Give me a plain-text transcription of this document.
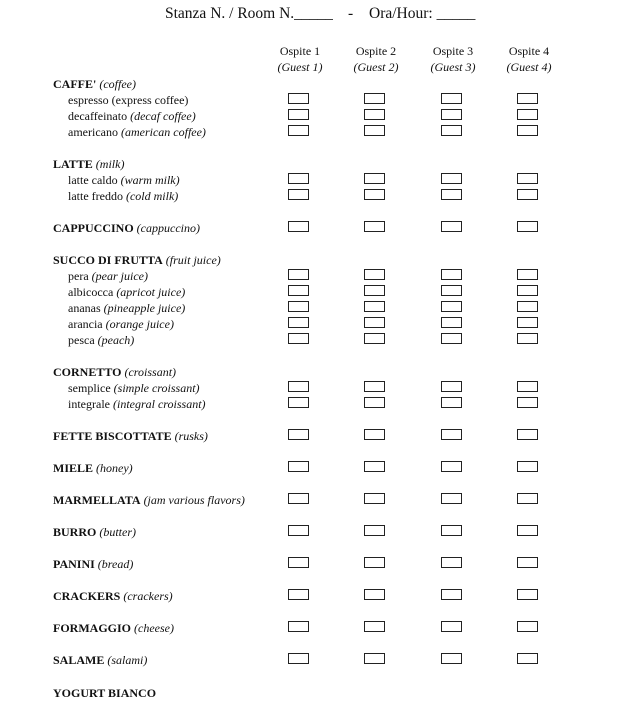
Stanza N. / Room N._____ - Ora/Hour: _____
Ospite 1
(Guest 1)
Ospite 2
(Guest 2)
Ospite 3
(Guest 3)
Ospite 4
(Guest 4)
CAFFE' (coffee)
espresso (express coffee)
decaffeinato (decaf coffee)
americano (american coffee)
LATTE (milk)
latte caldo (warm milk)
latte freddo (cold milk)
CAPPUCCINO (cappuccino)
SUCCO DI FRUTTA (fruit juice)
pera (pear juice)
albicocca (apricot juice)
ananas (pineapple juice)
arancia (orange juice)
pesca (peach)
CORNETTO (croissant)
semplice (simple croissant)
integrale (integral croissant)
FETTE BISCOTTATE (rusks)
MIELE (honey)
MARMELLATA (jam various flavors)
BURRO (butter)
PANINI (bread)
CRACKERS (crackers)
FORMAGGIO (cheese)
SALAME (salami)
YOGURT BIANCO
